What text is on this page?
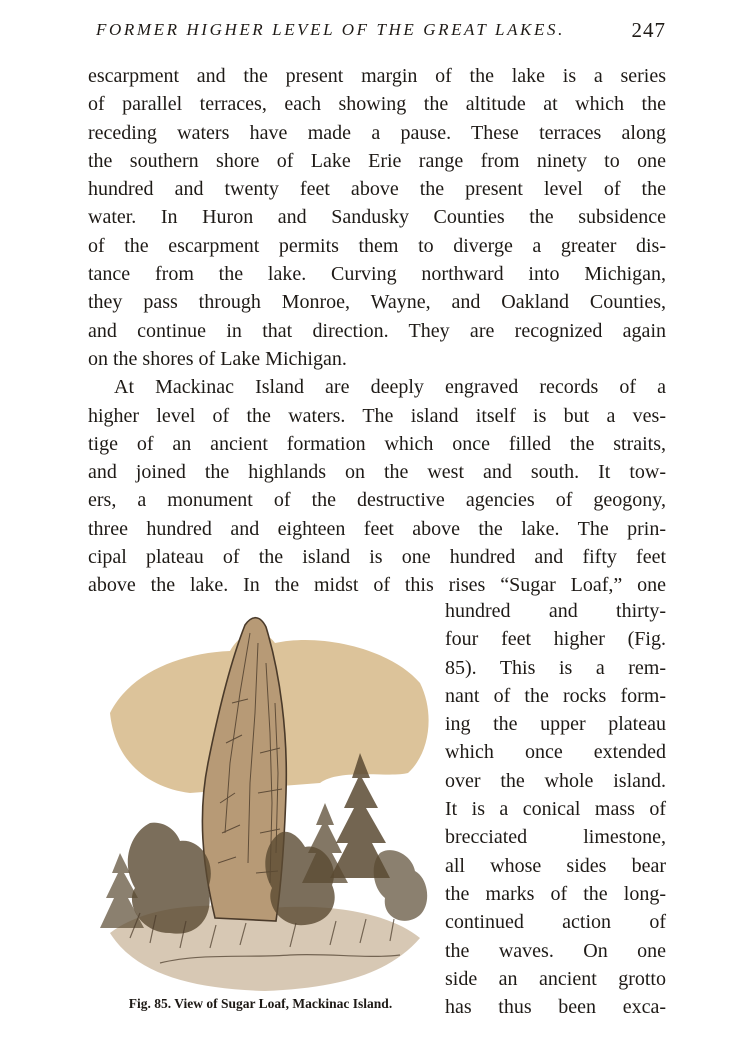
FORMER HIGHER LEVEL OF THE GREAT LAKES.	247
escarpment and the present margin of the lake is a series
of parallel terraces, each showing the altitude at which the
receding waters have made a pause. These terraces along
the southern shore of Lake Erie range from ninety to one
hundred and twenty feet above the present level of the
water. In Huron and Sandusky Counties the subsidence
of the escarpment permits them to diverge a greater dis-
tance from the lake. Curving northward into Michigan,
they pass through Monroe, Wayne, and Oakland Counties,
and continue in that direction. They are recognized again
on the shores of Lake Michigan.
At Mackinac Island are deeply engraved records of a
higher level of the waters. The island itself is but a ves-
tige of an ancient formation which once filled the straits,
and joined the highlands on the west and south. It tow-
ers, a monument of the destructive agencies of geogony,
three hundred and eighteen feet above the lake. The prin-
cipal plateau of the island is one hundred and fifty feet
above the lake. In the midst of this rises “Sugar Loaf,” one
hundred and thirty-
four feet higher (Fig.
85). This is a rem-
nant of the rocks form-
ing the upper plateau
which once extended
over the whole island.
It is a conical mass of
brecciated limestone,
all whose sides bear
the marks of the long-
continued action of
the waves. On one
side an ancient grotto
has thus been exca-
Fig. 85. View of Sugar Loaf, Mackinac Island.
